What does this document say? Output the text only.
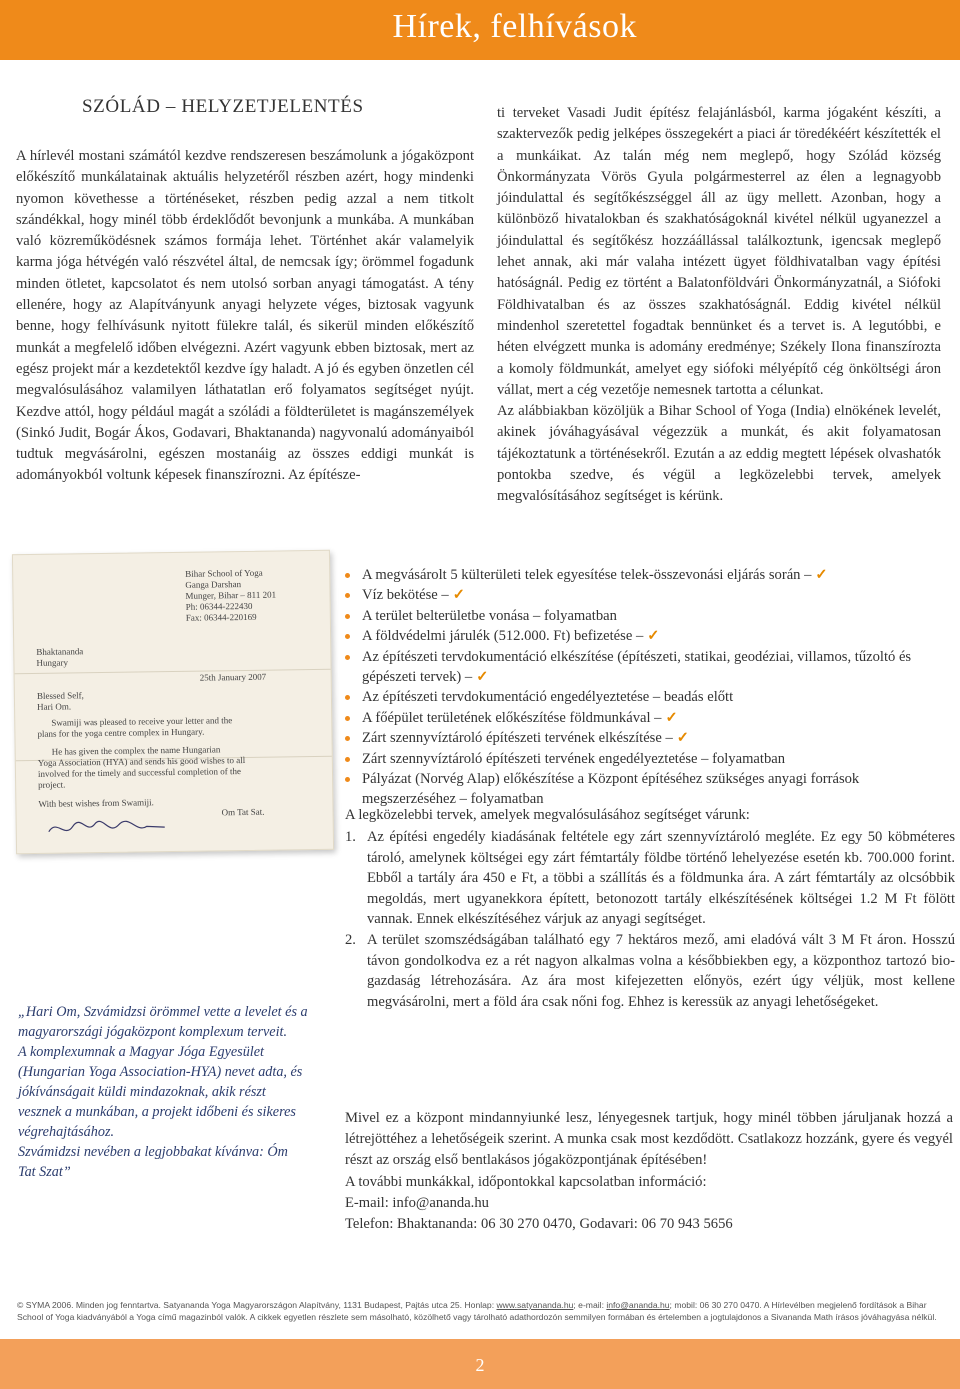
Hírek, felhívások
SZÓLÁD – HELYZETJELENTÉS

A hírlevél mostani számától kezdve rendszeresen beszámolunk a jógaközpont előkészítő munkálatainak aktuális helyzetéről részben azért, hogy mindenki nyomon követhesse a történéseket, részben pedig azzal a nem titkolt szándékkal, hogy minél több érdeklődőt bevonjunk a munkába. A munkában való közreműködésnek számos formája lehet. Történhet akár valamelyik karma jóga hétvégén való részvétel által, de nemcsak így; örömmel fogadunk minden ötletet, kapcsolatot és nem utolsó sorban anyagi támogatást. A tény ellenére, hogy az Alapítványunk anyagi helyzete véges, biztosak vagyunk benne, hogy felhívásunk nyitott fülekre talál, és sikerül minden előkészítő munkát a megfelelő időben elvégezni. Azért vagyunk ebben biztosak, mert az egész projekt már a kezdetektől kezdve így haladt. A jó és egyben önzetlen cél megvalósulásához valamilyen láthatatlan erő folyamatos segítséget nyújt. Kezdve attól, hogy például magát a szóládi a földterületet is magánszemélyek (Sinkó Judit, Bogár Ákos, Godavari, Bhaktananda) nagyvonalú adományaiból tudtuk megvásárolni, egészen mostanáig az összes eddigi munkát is adományokból voltunk képesek finanszírozni. Az építésze-

ti terveket Vasadi Judit építész felajánlásból, karma jógaként készíti, a szaktervezők pedig jelképes összegekért a piaci ár töredékéért készítették el a munkáikat. Az talán még nem meglepő, hogy Szólád község Önkormányzata Vörös Gyula polgármesterrel az élen a legnagyobb jóindulattal és segítőkészséggel áll az ügy mellett. Azonban, hogy a különböző hivatalokban és szakhatóságoknál kivétel nélkül ugyanezzel a jóindulattal és segítőkész hozzáállással találkoztunk, igencsak meglepő lehet annak, aki már valaha intézett ügyet földhivatalban vagy építési hatóságnál. Pedig ez történt a Balatonföldvári Önkormányzatnál, a Siófoki Földhivatalban és az összes szakhatóságnál. Eddig kivétel nélkül mindenhol szeretettel fogadtak bennünket és a tervet is. A legutóbbi, e héten elvégzett munka is adomány eredménye; Székely Ilona finanszírozta a komoly földmunkát, amelyet egy siófoki mélyépítő cég önköltségi áron vállat, mert a cég vezetője nemesnek tartotta a célunkat.

Az alábbiakban közöljük a Bihar School of Yoga (India) elnökének levelét, akinek jóváhagyásával végezzük a munkát, és akit folyamatosan tájékoztatunk a történésekről. Ezután a az eddig megtett lépések olvashatók pontokba szedve, és végül a legközelebbi tervek, amelyek megvalósításához segítséget is kérünk.

Bihar School of Yoga
Ganga Darshan
Munger, Bihar – 811 201
Ph: 06344-222430
Fax: 06344-220169
Bhaktananda
Hungary
25th January 2007
Blessed Self,
Hari Om.
Swamiji was pleased to receive your letter and the
plans for the yoga centre complex in Hungary.
He has given the complex the name Hungarian
Yoga Association (HYA) and sends his good wishes to all
involved for the timely and successful completion of the
project.
With best wishes from Swamiji.
Om Tat Sat.

„Hari Om, Szvámidzsi örömmel vette a levelet és a magyarországi jógaközpont komplexum terveit.

A komplexumnak a Magyar Jóga Egyesület (Hungarian Yoga Association-HYA) nevet adta, és jókívánságait küldi mindazoknak, akik részt vesznek a munkában, a projekt időbeni és sikeres végrehajtásához.

Szvámidzsi nevében a legjobbakat kívánva: Óm Tat Szat”

A megvásárolt 5 külterületi telek egyesítése telek-összevonási eljárás során – ✓
Víz bekötése – ✓
A terület belterületbe vonása – folyamatban
A földvédelmi járulék (512.000. Ft) befizetése – ✓
Az építészeti tervdokumentáció elkészítése (építészeti, statikai, geodéziai, villamos, tűzoltó és gépészeti tervek) – ✓
Az építészeti tervdokumentáció engedélyeztetése – beadás előtt
A főépület területének előkészítése földmunkával – ✓
Zárt szennyvíztároló építészeti tervének elkészítése – ✓
Zárt szennyvíztároló építészeti tervének engedélyeztetése – folyamatban
Pályázat (Norvég Alap) előkészítése a Központ építéséhez szükséges anyagi források megszerzéséhez – folyamatban
A legközelebbi tervek, amelyek megvalósulásához segítséget várunk:
1. Az építési engedély kiadásának feltétele egy zárt szennyvíztároló megléte. Ez egy 50 köbméteres tároló, amelynek költségei egy zárt fémtartály földbe történő lehelyezése esetén kb. 700.000 forint. Ebből a tartály ára 450 e Ft, a többi a szállítás és a földmunka ára. A zárt fémtartály az olcsóbbik megoldás, mert ugyanekkora épített, betonozott tartály elkészítésének költségei 1.2 M Ft fölött vannak. Ennek elkészítéséhez várjuk az anyagi segítséget.
2. A terület szomszédságában található egy 7 hektáros mező, ami eladóvá vált 3 M Ft áron. Hosszú távon gondolkodva ez a rét nagyon alkalmas volna a későbbiekben egy, a központhoz tartozó bio-gazdaság létrehozására. Az ára most kifejezetten előnyös, ezért úgy véljük, most kellene megvásárolni, mert a föld ára csak nőni fog. Ehhez is keressük az anyagi lehetőségeket.

Mivel ez a központ mindannyiunké lesz, lényegesnek tartjuk, hogy minél többen járuljanak hozzá a létrejöttéhez a lehetőségeik szerint. A munka csak most kezdődött. Csatlakozz hozzánk, gyere és vegyél részt az ország első bentlakásos jógaközpontjának építésében!

A további munkákkal, időpontokkal kapcsolatban információ:

E-mail: info@ananda.hu

Telefon: Bhaktananda: 06 30 270 0470, Godavari: 06 70 943 5656

© SYMA 2006. Minden jog fenntartva. Satyananda Yoga Magyarországon Alapítvány, 1131 Budapest, Pajtás utca 25. Honlap: www.satyananda.hu; e-mail: info@ananda.hu; mobil: 06 30 270 0470. A Hírlevélben megjelenő fordítások a Bihar School of Yoga kiadványából a Yoga című magazinból valók. A cikkek egyetlen részlete sem másolható, közölhető vagy tárolható adathordozón semmilyen formában és értelemben a jogtulajdonos a Sivananda Math írásos jóváhagyása nélkül.
2
